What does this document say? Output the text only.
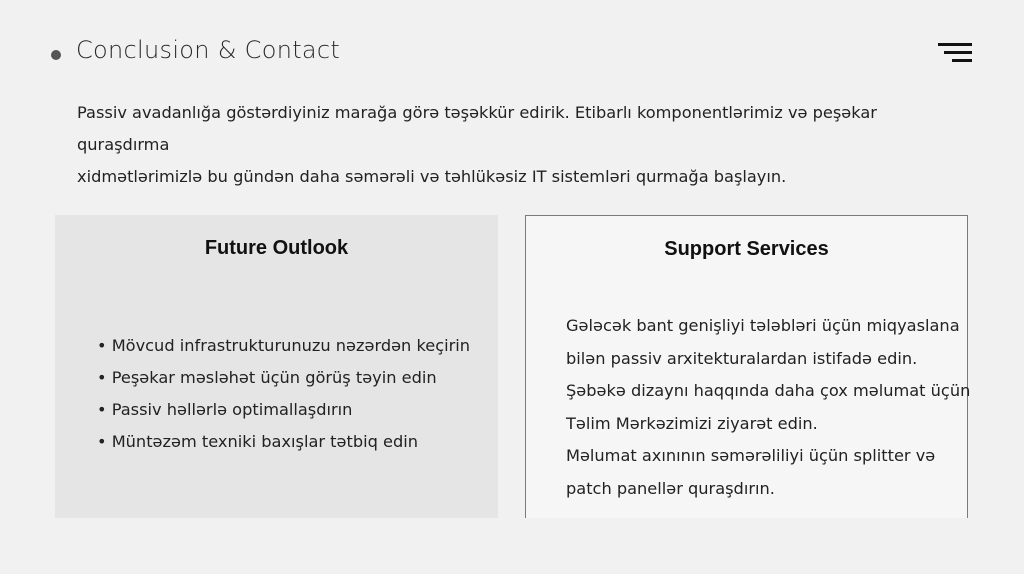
Conclusion & Contact
Passiv avadanlığa göstərdiyiniz marağa görə təşəkkür edirik. Etibarlı komponentlərimiz və peşəkar quraşdırma
xidmətlərimizlə bu gündən daha səmərəli və təhlükəsiz IT sistemləri qurmağa başlayın.
Future Outlook
• Mövcud infrastrukturunuzu nəzərdən keçirin
• Peşəkar məsləhət üçün görüş təyin edin
• Passiv həllərlə optimallaşdırın
• Müntəzəm texniki baxışlar tətbiq edin
Support Services
Gələcək bant genişliyi tələbləri üçün miqyaslana
bilən passiv arxitekturalardan istifadə edin.
Şəbəkə dizaynı haqqında daha çox məlumat üçün
Təlim Mərkəzimizi ziyarət edin.
Məlumat axınının səmərəliliyi üçün splitter və
patch panellər quraşdırın.
